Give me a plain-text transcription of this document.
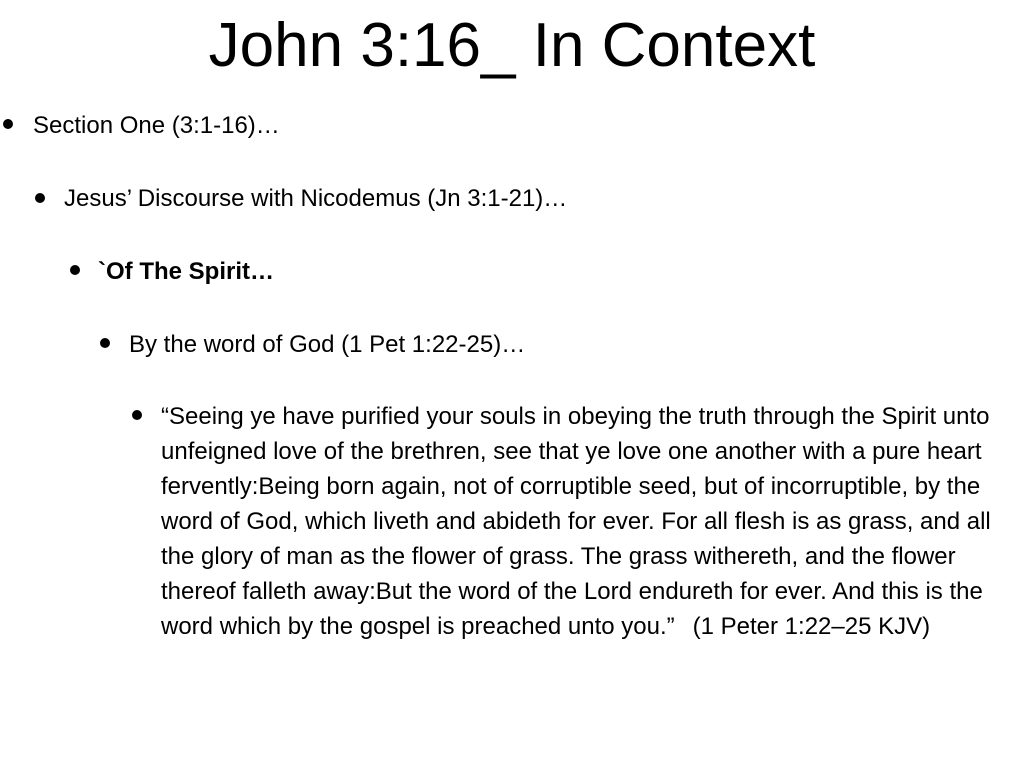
John 3:16_ In Context
Section One (3:1-16)…
Jesus’ Discourse with Nicodemus (Jn 3:1-21)…
`Of The Spirit…
By the word of God (1 Pet 1:22-25)…
“Seeing ye have purified your souls in obeying the truth through the Spirit unto unfeigned love of the brethren, see that ye love one another with a pure heart fervently:Being born again, not of corruptible seed, but of incorruptible, by the word of God, which liveth and abideth for ever. For all flesh is as grass, and all the glory of man as the flower of grass. The grass withereth, and the flower thereof falleth away:But the word of the Lord endureth for ever. And this is the word which by the gospel is preached unto you.” (1 Peter 1:22–25 KJV)
